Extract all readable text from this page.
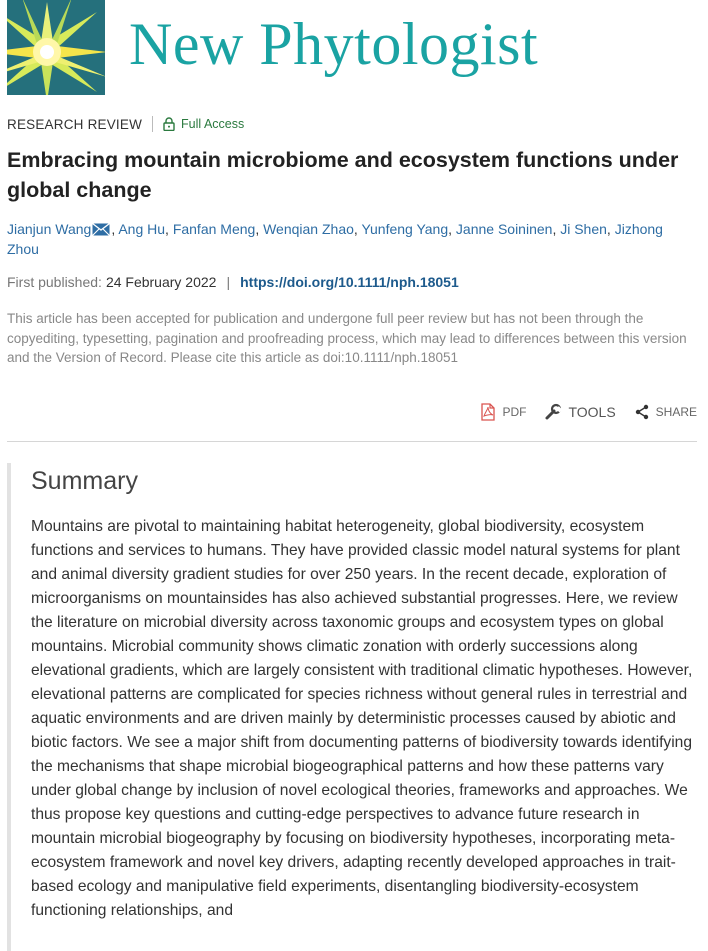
New Phytologist
RESEARCH REVIEW	Full Access
Embracing mountain microbiome and ecosystem functions under global change
Jianjun Wang , Ang Hu, Fanfan Meng, Wenqian Zhao, Yunfeng Yang, Janne Soininen, Ji Shen, Jizhong Zhou
First published: 24 February 2022 | https://doi.org/10.1111/nph.18051

This article has been accepted for publication and undergone full peer review but has not been through the copyediting, typesetting, pagination and proofreading process, which may lead to differences between this version and the Version of Record. Please cite this article as doi:10.1111/nph.18051

PDF	TOOLS	SHARE
Summary

Mountains are pivotal to maintaining habitat heterogeneity, global biodiversity, ecosystem functions and services to humans. They have provided classic model natural systems for plant and animal diversity gradient studies for over 250 years. In the recent decade, exploration of microorganisms on mountainsides has also achieved substantial progresses. Here, we review the literature on microbial diversity across taxonomic groups and ecosystem types on global mountains. Microbial community shows climatic zonation with orderly successions along elevational gradients, which are largely consistent with traditional climatic hypotheses. However, elevational patterns are complicated for species richness without general rules in terrestrial and aquatic environments and are driven mainly by deterministic processes caused by abiotic and biotic factors. We see a major shift from documenting patterns of biodiversity towards identifying the mechanisms that shape microbial biogeographical patterns and how these patterns vary under global change by inclusion of novel ecological theories, frameworks and approaches. We thus propose key questions and cutting-edge perspectives to advance future research in mountain microbial biogeography by focusing on biodiversity hypotheses, incorporating meta-ecosystem framework and novel key drivers, adapting recently developed approaches in trait-based ecology and manipulative field experiments, disentangling biodiversity-ecosystem functioning relationships, and
